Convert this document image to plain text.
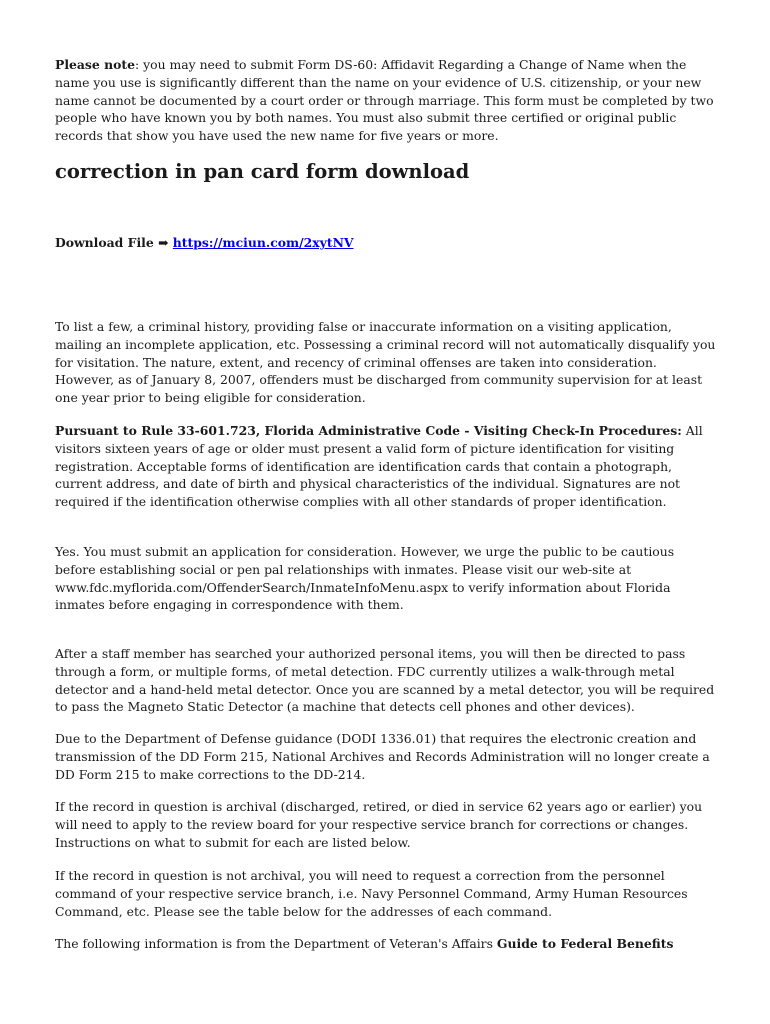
Please note: you may need to submit Form DS-60: Affidavit Regarding a Change of Name when the name you use is significantly different than the name on your evidence of U.S. citizenship, or your new name cannot be documented by a court order or through marriage. This form must be completed by two people who have known you by both names. You must also submit three certified or original public records that show you have used the new name for five years or more.

correction in pan card form download
Download File ➡ https://mciun.com/2xytNV

To list a few, a criminal history, providing false or inaccurate information on a visiting application, mailing an incomplete application, etc. Possessing a criminal record will not automatically disqualify you for visitation. The nature, extent, and recency of criminal offenses are taken into consideration. However, as of January 8, 2007, offenders must be discharged from community supervision for at least one year prior to being eligible for consideration.

Pursuant to Rule 33-601.723, Florida Administrative Code - Visiting Check-In Procedures: All visitors sixteen years of age or older must present a valid form of picture identification for visiting registration. Acceptable forms of identification are identification cards that contain a photograph, current address, and date of birth and physical characteristics of the individual. Signatures are not required if the identification otherwise complies with all other standards of proper identification.

Yes. You must submit an application for consideration. However, we urge the public to be cautious before establishing social or pen pal relationships with inmates. Please visit our web-site at www.fdc.myflorida.com/OffenderSearch/InmateInfoMenu.aspx to verify information about Florida inmates before engaging in correspondence with them.

After a staff member has searched your authorized personal items, you will then be directed to pass through a form, or multiple forms, of metal detection. FDC currently utilizes a walk-through metal detector and a hand-held metal detector. Once you are scanned by a metal detector, you will be required to pass the Magneto Static Detector (a machine that detects cell phones and other devices).

Due to the Department of Defense guidance (DODI 1336.01) that requires the electronic creation and transmission of the DD Form 215, National Archives and Records Administration will no longer create a DD Form 215 to make corrections to the DD-214.

If the record in question is archival (discharged, retired, or died in service 62 years ago or earlier) you will need to apply to the review board for your respective service branch for corrections or changes. Instructions on what to submit for each are listed below.

If the record in question is not archival, you will need to request a correction from the personnel command of your respective service branch, i.e. Navy Personnel Command, Army Human Resources Command, etc. Please see the table below for the addresses of each command.

The following information is from the Department of Veteran's Affairs Guide to Federal Benefits
